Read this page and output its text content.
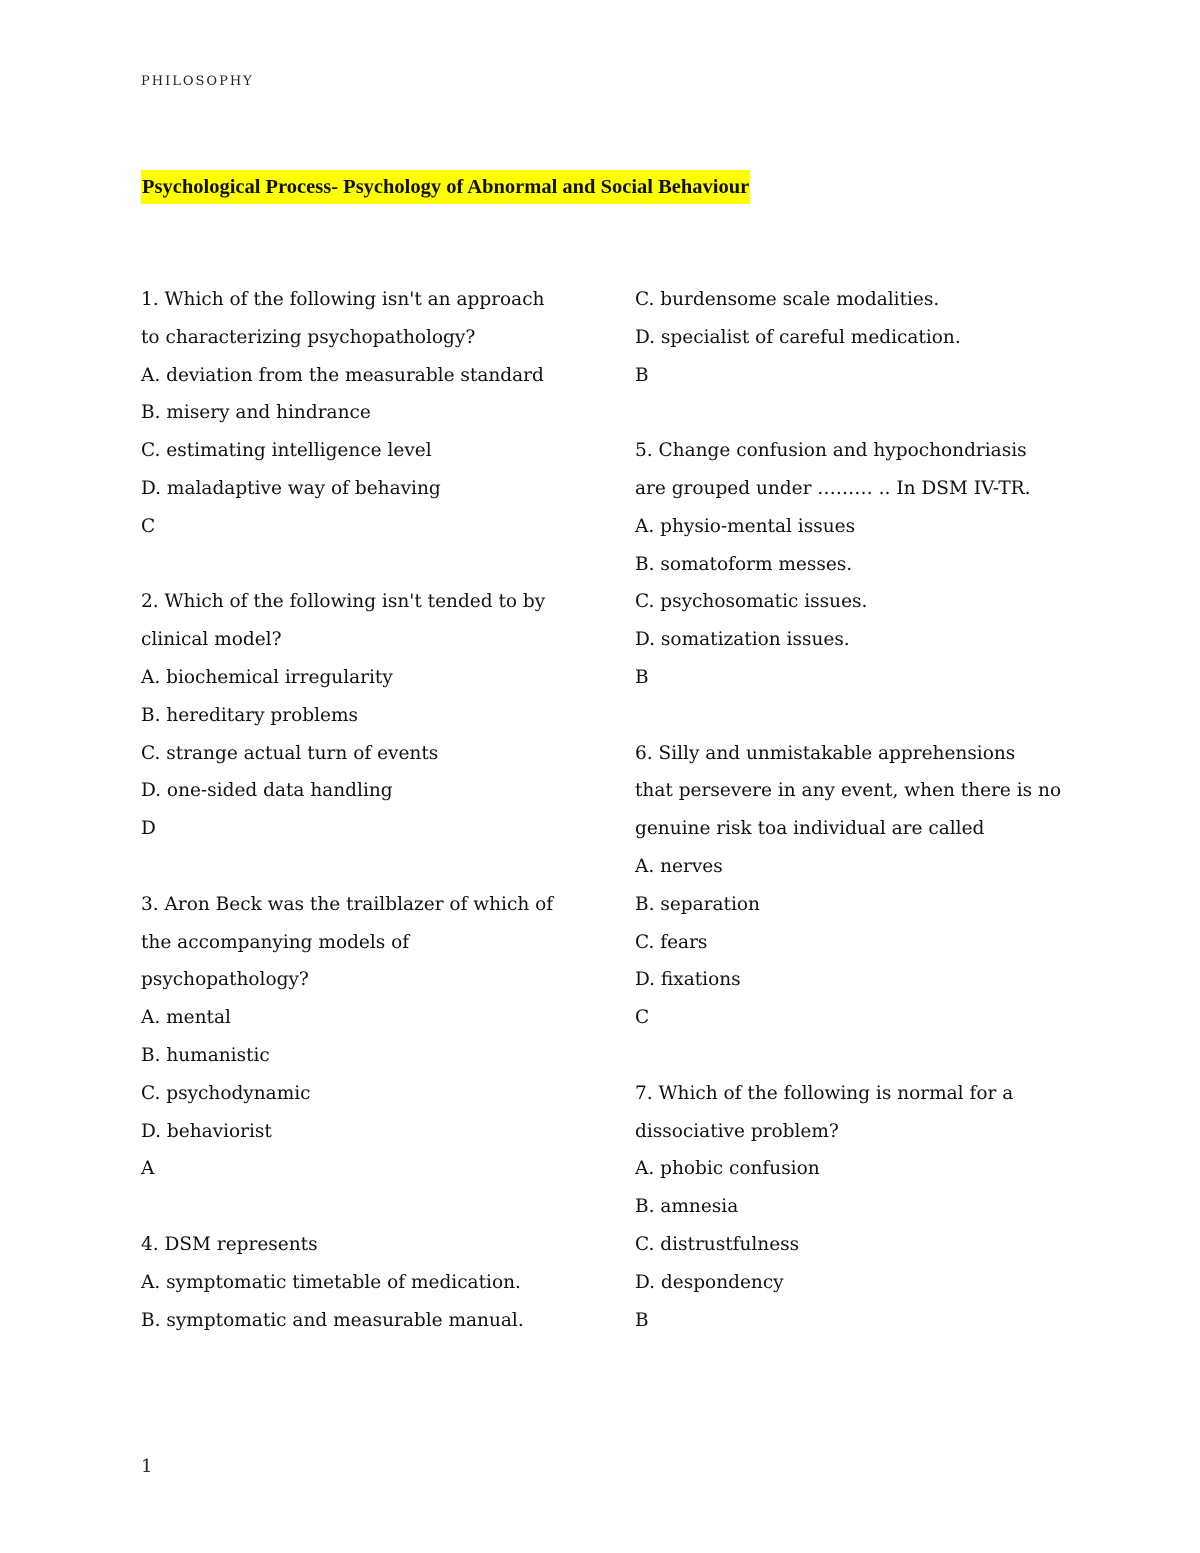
PHILOSOPHY
Psychological Process- Psychology of Abnormal and Social Behaviour
1. Which of the following isn't an approach
to characterizing psychopathology?
A. deviation from the measurable standard
B. misery and hindrance
C. estimating intelligence level
D. maladaptive way of behaving
C
2. Which of the following isn't tended to by
clinical model?
A. biochemical irregularity
B. hereditary problems
C. strange actual turn of events
D. one-sided data handling
D
3. Aron Beck was the trailblazer of which of
the accompanying models of
psychopathology?
A. mental
B. humanistic
C. psychodynamic
D. behaviorist
A
4. DSM represents
A. symptomatic timetable of medication.
B. symptomatic and measurable manual.
C. burdensome scale modalities.
D. specialist of careful medication.
B
5. Change confusion and hypochondriasis
are grouped under ……… .. In DSM IV-TR.
A. physio-mental issues
B. somatoform messes.
C. psychosomatic issues.
D. somatization issues.
B
6. Silly and unmistakable apprehensions
that persevere in any event, when there is no
genuine risk toa individual are called
A. nerves
B. separation
C. fears
D. fixations
C
7. Which of the following is normal for a
dissociative problem?
A. phobic confusion
B. amnesia
C. distrustfulness
D. despondency
B
1
